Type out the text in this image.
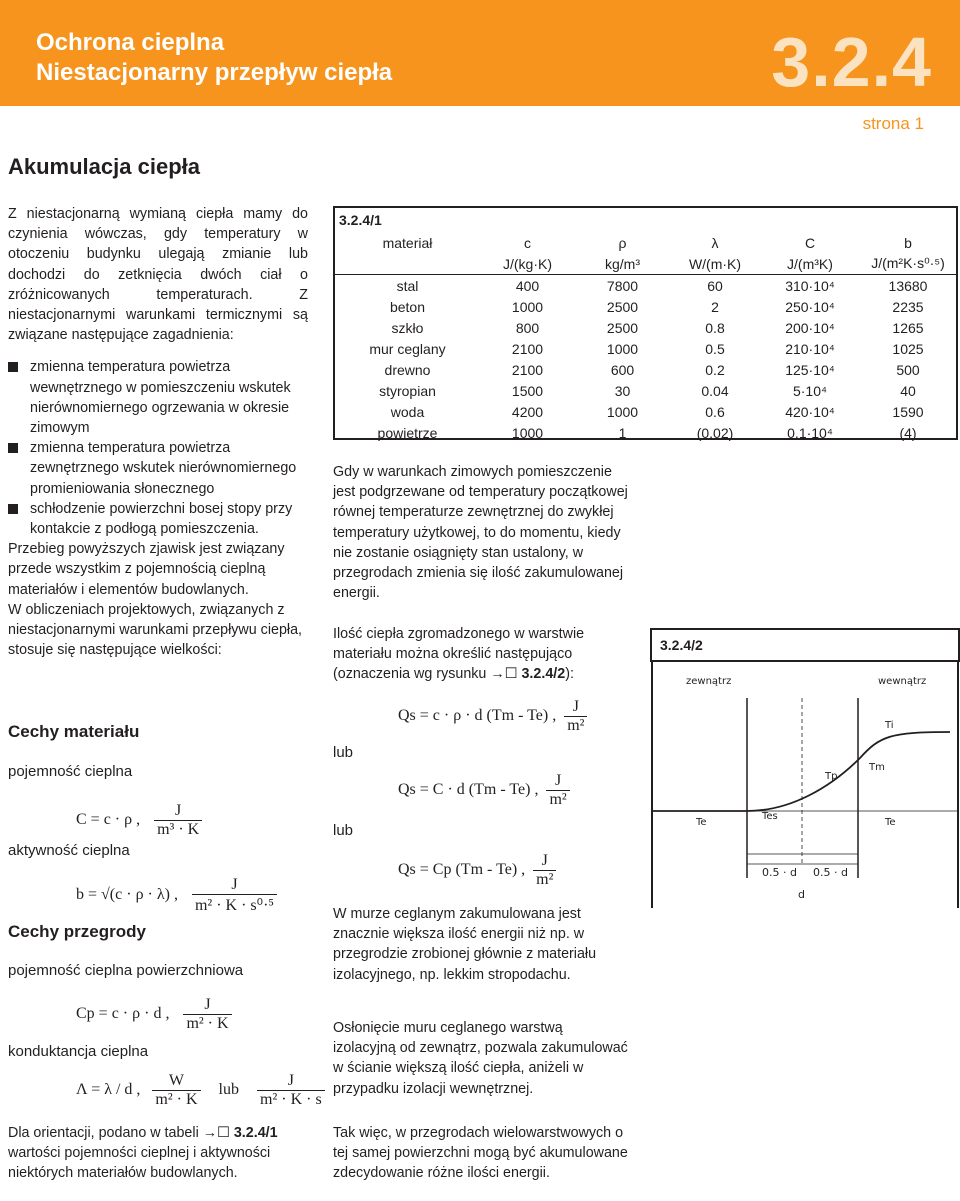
Ochrona cieplna
Niestacjonarny przepływ ciepła	3.2.4
strona 1
Akumulacja ciepła
Z niestacjonarną wymianą ciepła mamy do czynienia wówczas, gdy temperatury w otoczeniu budynku ulegają zmianie lub dochodzi do zetknięcia dwóch ciał o zróżnicowanych temperaturach. Z niestacjonarnymi warunkami termicznymi są związane następujące zagadnienia:
zmienna temperatura powietrza wewnętrznego w pomieszczeniu wskutek nierównomiernego ogrzewania w okresie zimowym
zmienna temperatura powietrza zewnętrznego wskutek nierównomiernego promieniowania słonecznego
schłodzenie powierzchni bosej stopy przy kontakcie z podłogą pomieszczenia.
Przebieg powyższych zjawisk jest związany przede wszystkim z pojemnością cieplną materiałów i elementów budowlanych.
W obliczeniach projektowych, związanych z niestacjonarnymi warunkami przepływu ciepła, stosuje się następujące wielkości:
Cechy materiału
pojemność cieplna
C = c · ρ , $\frac{J}{\text{m³ · K}}$
aktywność cieplna
b = √(c · ρ · λ) , $\frac{J}{\text{m² · K · s⁰·⁵}}$
Cechy przegrody
pojemność cieplna powierzchniowa
Cp = c · ρ · d , $\frac{J}{\text{m² · K}}$
konduktancja cieplna
Λ = λ / d , $\frac{W}{\text{m² · K}}$ lub $\frac{J}{\text{m² · K · s}}$
Dla orientacji, podano w tabeli →☐ 3.2.4/1 wartości pojemności cieplnej i aktywności niektórych materiałów budowlanych.
3.2.4/1
materiał	c	ρ	λ	C	b
	J/(kg·K)	kg/m³	W/(m·K)	J/(m³K)	J/(m²K·s⁰·⁵)
stal	400	7800	60	310·10⁴	13680
beton	1000	2500	2	250·10⁴	2235
szkło	800	2500	0.8	200·10⁴	1265
mur ceglany	2100	1000	0.5	210·10⁴	1025
drewno	2100	600	0.2	125·10⁴	500
styropian	1500	30	0.04	5·10⁴	40
woda	4200	1000	0.6	420·10⁴	1590
powietrze	1000	1	(0.02)	0.1·10⁴	(4)
Gdy w warunkach zimowych pomieszczenie jest podgrzewane od temperatury początkowej równej temperaturze zewnętrznej do zwykłej temperatury użytkowej, to do momentu, kiedy nie zostanie osiągnięty stan ustalony, w przegrodach zmienia się ilość zakumulowanej energii.
Ilość ciepła zgromadzonego w warstwie materiału można określić następująco (oznaczenia wg rysunku →☐ 3.2.4/2):
Qs = c · ρ · d (Tm - Te) , $\frac{J}{\text{m²}}$
lub
Qs = C · d (Tm - Te) , $\frac{J}{\text{m²}}$
lub
Qs = Cp (Tm - Te) , $\frac{J}{\text{m²}}$
W murze ceglanym zakumulowana jest znacznie większa ilość energii niż np. w przegrodzie zrobionej głównie z materiału izolacyjnego, np. lekkim stropodachu.
Osłonięcie muru ceglanego warstwą izolacyjną od zewnątrz, pozwala zakumulować w ścianie większą ilość ciepła, aniżeli w przypadku izolacji wewnętrznej.
Tak więc, w przegrodach wielowarstwowych o tej samej powierzchni mogą być akumulowane zdecydowanie różne ilości energii.
3.2.4/2
zewnątrz	wewnątrz
Ti
Tm
Tp
Te
Tes
Te
0.5 · d 0.5 · d
d
